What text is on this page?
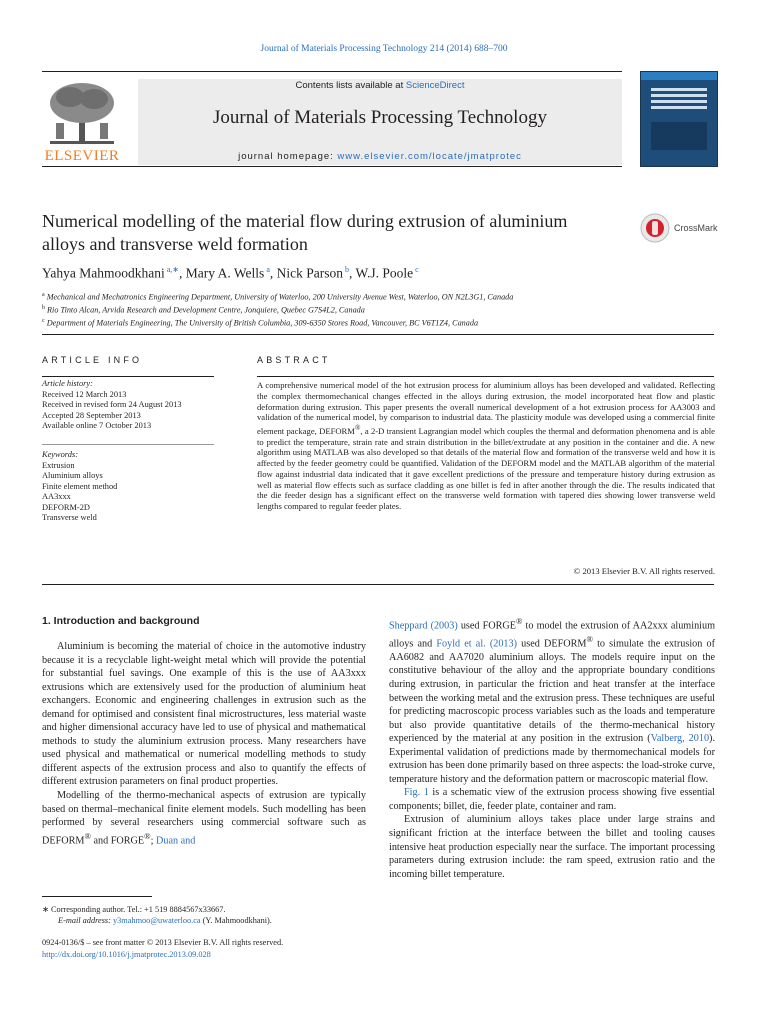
Journal of Materials Processing Technology 214 (2014) 688–700
ELSEVIER
Contents lists available at ScienceDirect
Journal of Materials Processing Technology
journal homepage: www.elsevier.com/locate/jmatprotec
Numerical modelling of the material flow during extrusion of aluminium alloys and transverse weld formation
CrossMark
Yahya Mahmoodkhani $^{a,∗}$, Mary A. Wells $^a$, Nick Parson $^b$, W.J. Poole $^c$
$^a$ Mechanical and Mechatronics Engineering Department, University of Waterloo, 200 University Avenue West, Waterloo, ON N2L3G1, Canada
$^b$ Rio Tinto Alcan, Arvida Research and Development Centre, Jonquiere, Quebec G7S4L2, Canada
$^c$ Department of Materials Engineering, The University of British Columbia, 309-6350 Stores Road, Vancouver, BC V6T1Z4, Canada
ARTICLE INFO	ABSTRACT
Article history:
Received 12 March 2013
Received in revised form 24 August 2013
Accepted 28 September 2013
Available online 7 October 2013
Keywords:
Extrusion
Aluminium alloys
Finite element method
AA3xxx
DEFORM-2D
Transverse weld
A comprehensive numerical model of the hot extrusion process for aluminium alloys has been developed and validated. Reflecting the complex thermomechanical changes effected in the alloys during extrusion, the model incorporated heat flow and plastic deformation during extrusion. This paper presents the overall numerical development of a hot extrusion process for AA3003 and validation of the numerical model, by comparison to industrial data. The plasticity module was developed using a commercial finite element package, DEFORM®, a 2-D transient Lagrangian model which couples the thermal and deformation phenomena and is able to predict the temperature, strain rate and strain distribution in the billet/extrudate at any position in the container and die. A new algorithm using MATLAB was also developed so that details of the material flow and formation of the transverse weld and how it is affected by the feeder geometry could be quantified. Validation of the DEFORM model and the MATLAB algorithm of the material flow against industrial data indicated that it gave excellent predictions of the pressure and temperature history during extrusion as well as material flow effects such as surface cladding as one billet is fed in after another through the die. The results indicated that the die feeder design has a significant effect on the transverse weld formation with tapered dies showing lower transverse weld lengths compared to regular feeder plates.
© 2013 Elsevier B.V. All rights reserved.
1. Introduction and background

Aluminium is becoming the material of choice in the automotive industry because it is a recyclable light-weight metal which will provide the potential for substantial fuel savings. One example of this is the use of AA3xxx extrusions which are extensively used for the production of aluminium heat exchangers. Economic and engineering challenges in extrusion such as the demand for optimised and consistent final microstructures, less material waste and higher dimensional accuracy have led to use of physical and mathematical methods to study the aluminium extrusion process. Many researchers have used physical and mathematical or numerical modelling methods to study different aspects of the extrusion process and also to quantify the effects of different extrusion parameters on final product properties.

Modelling of the thermo-mechanical aspects of extrusion are typically based on thermal–mechanical finite element models. Such modelling has been performed by several researchers using commercial software such as DEFORM® and FORGE®; Duan and

Sheppard (2003) used FORGE® to model the extrusion of AA2xxx aluminium alloys and Foyld et al. (2013) used DEFORM® to simulate the extrusion of AA6082 and AA7020 aluminium alloys. The models require input on the constitutive behaviour of the alloy and the appropriate boundary conditions during extrusion, in particular the friction and heat transfer at the interface between the working metal and the extrusion press. These techniques are useful for predicting macroscopic process variables such as the loads and temperature but also provide quantitative details of the thermo-mechanical history experienced by the material at any position in the extrusion (Valberg, 2010). Experimental validation of predictions made by thermomechanical models for extrusion has been done primarily based on three aspects: the load-stroke curve, temperature history and the deformation pattern or macroscopic material flow.

Fig. 1 is a schematic view of the extrusion process showing five essential components; billet, die, feeder plate, container and ram.

Extrusion of aluminium alloys takes place under large strains and significant friction at the interface between the billet and tooling causes intensive heat production especially near the surface. The important processing parameters during extrusion include: the ram speed, extrusion ratio and the incoming billet temperature.

∗ Corresponding author. Tel.: +1 519 8884567x33667.
E-mail address: y3mahmoo@uwaterloo.ca (Y. Mahmoodkhani).
0924-0136/$ – see front matter © 2013 Elsevier B.V. All rights reserved.
http://dx.doi.org/10.1016/j.jmatprotec.2013.09.028
